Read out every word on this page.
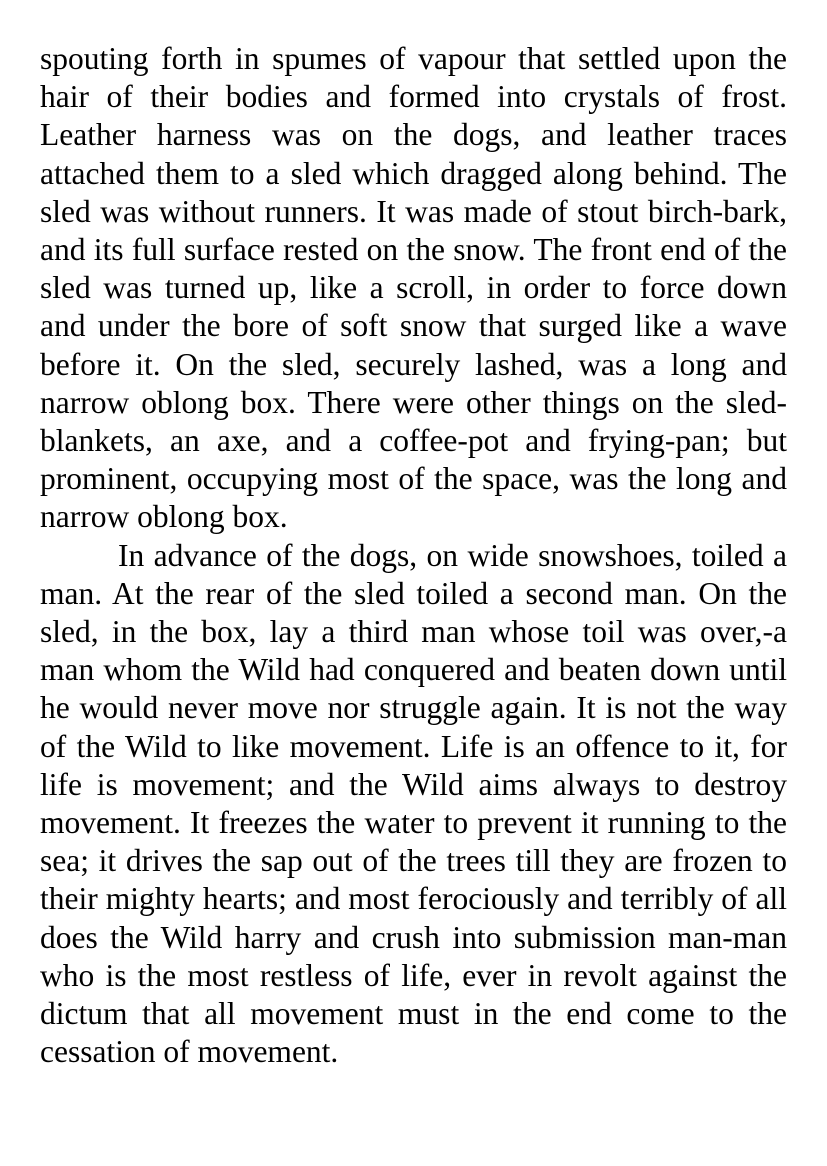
spouting forth in spumes of vapour that settled upon the hair of their bodies and formed into crystals of frost. Leather harness was on the dogs, and leather traces attached them to a sled which dragged along behind. The sled was without runners. It was made of stout birch-bark, and its full surface rested on the snow. The front end of the sled was turned up, like a scroll, in order to force down and under the bore of soft snow that surged like a wave before it. On the sled, securely lashed, was a long and narrow oblong box. There were other things on the sled-blankets, an axe, and a coffee-pot and frying-pan; but prominent, occupying most of the space, was the long and narrow oblong box.

In advance of the dogs, on wide snowshoes, toiled a man. At the rear of the sled toiled a second man. On the sled, in the box, lay a third man whose toil was over,-a man whom the Wild had conquered and beaten down until he would never move nor struggle again. It is not the way of the Wild to like movement. Life is an offence to it, for life is movement; and the Wild aims always to destroy movement. It freezes the water to prevent it running to the sea; it drives the sap out of the trees till they are frozen to their mighty hearts; and most ferociously and terribly of all does the Wild harry and crush into submission man-man who is the most restless of life, ever in revolt against the dictum that all movement must in the end come to the cessation of movement.
